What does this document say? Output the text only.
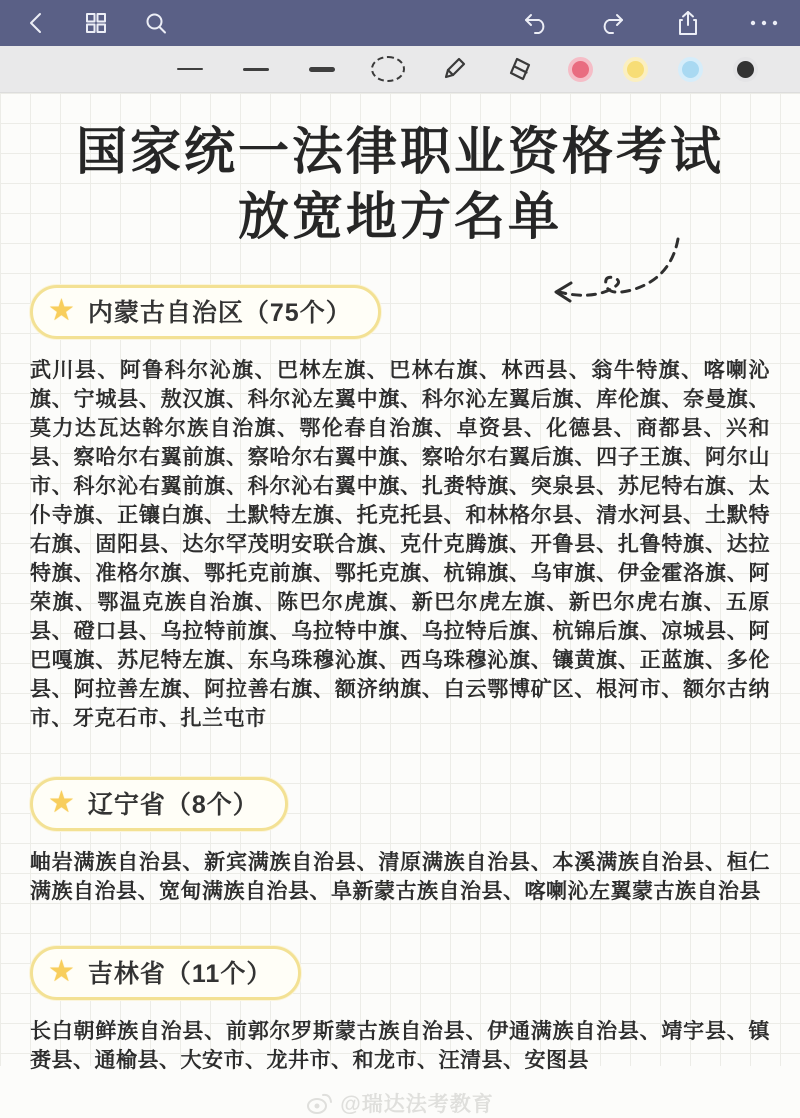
国家统一法律职业资格考试
放宽地方名单
★ 内蒙古自治区（75个）
武川县、阿鲁科尔沁旗、巴林左旗、巴林右旗、林西县、翁牛特旗、喀喇沁旗、宁城县、敖汉旗、科尔沁左翼中旗、科尔沁左翼后旗、库伦旗、奈曼旗、莫力达瓦达斡尔族自治旗、鄂伦春自治旗、卓资县、化德县、商都县、兴和县、察哈尔右翼前旗、察哈尔右翼中旗、察哈尔右翼后旗、四子王旗、阿尔山市、科尔沁右翼前旗、科尔沁右翼中旗、扎赉特旗、突泉县、苏尼特右旗、太仆寺旗、正镶白旗、土默特左旗、托克托县、和林格尔县、清水河县、土默特右旗、固阳县、达尔罕茂明安联合旗、克什克腾旗、开鲁县、扎鲁特旗、达拉特旗、准格尔旗、鄂托克前旗、鄂托克旗、杭锦旗、乌审旗、伊金霍洛旗、阿荣旗、鄂温克族自治旗、陈巴尔虎旗、新巴尔虎左旗、新巴尔虎右旗、五原县、磴口县、乌拉特前旗、乌拉特中旗、乌拉特后旗、杭锦后旗、凉城县、阿巴嘎旗、苏尼特左旗、东乌珠穆沁旗、西乌珠穆沁旗、镶黄旗、正蓝旗、多伦县、阿拉善左旗、阿拉善右旗、额济纳旗、白云鄂博矿区、根河市、额尔古纳市、牙克石市、扎兰屯市
★ 辽宁省（8个）
岫岩满族自治县、新宾满族自治县、清原满族自治县、本溪满族自治县、桓仁满族自治县、宽甸满族自治县、阜新蒙古族自治县、喀喇沁左翼蒙古族自治县
★ 吉林省（11个）
长白朝鲜族自治县、前郭尔罗斯蒙古族自治县、伊通满族自治县、靖宇县、镇赉县、通榆县、大安市、龙井市、和龙市、汪清县、安图县
@瑞达法考教育
